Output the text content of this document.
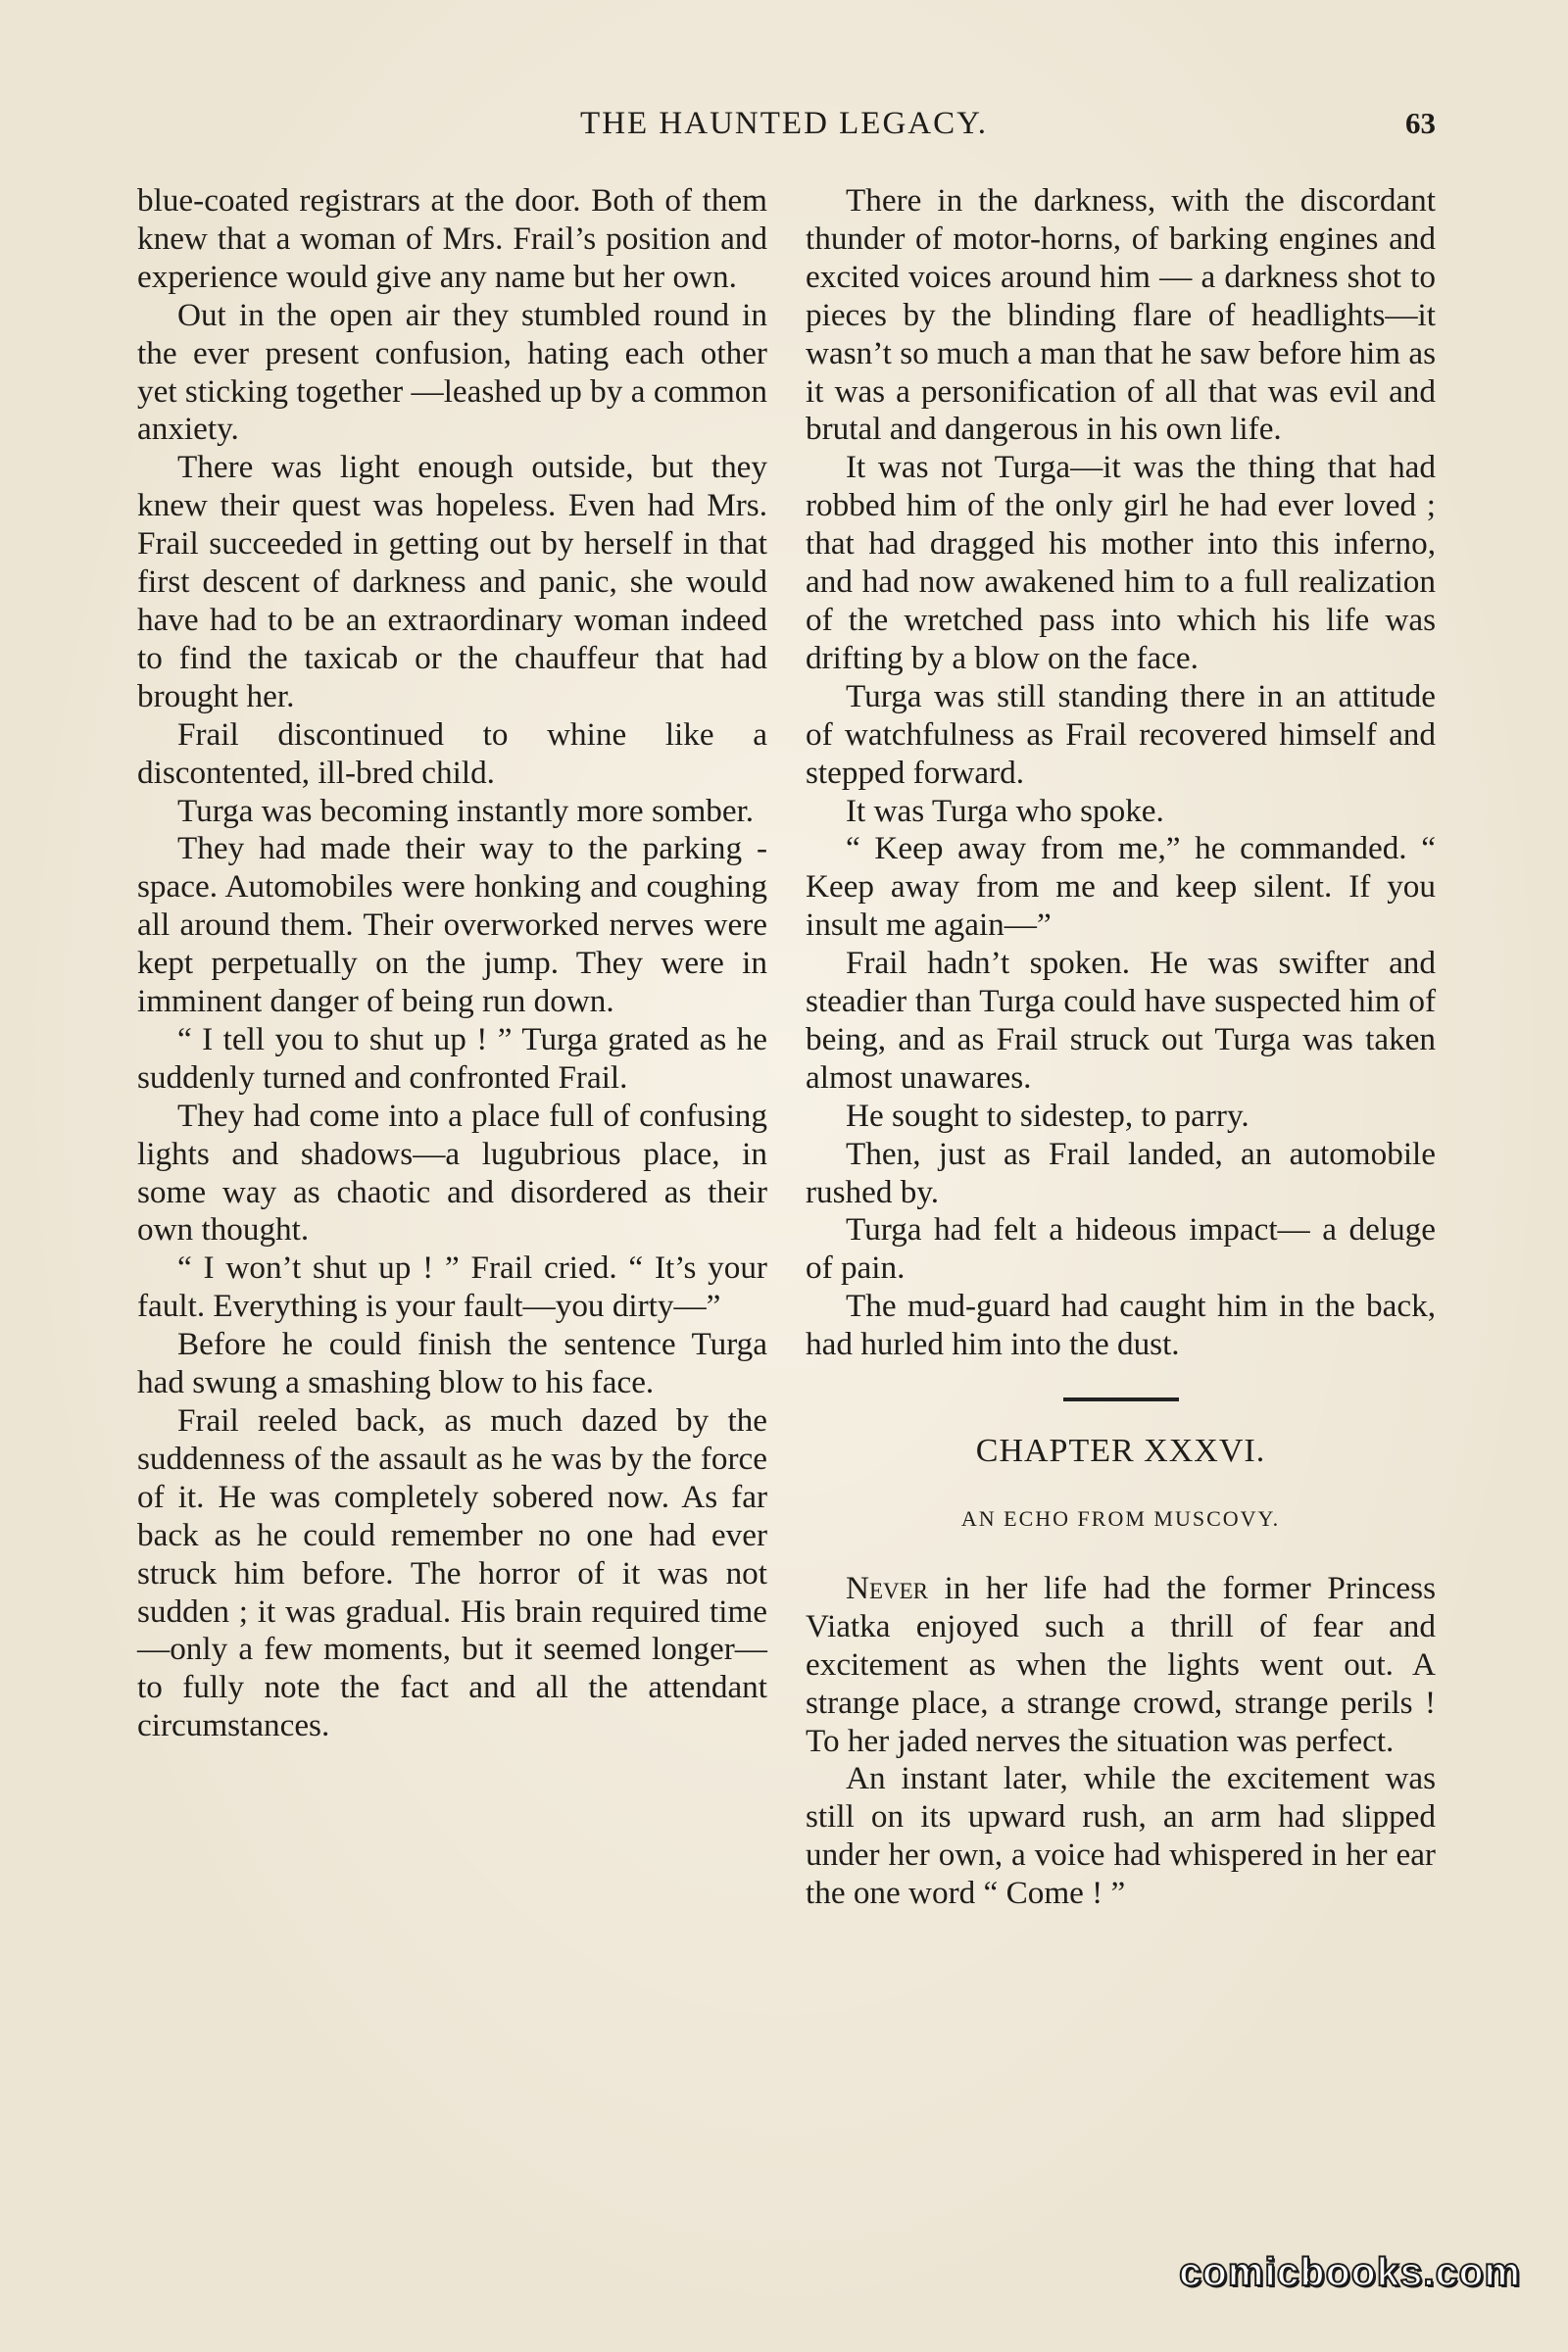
THE HAUNTED LEGACY.	63

blue-coated registrars at the door. Both of them knew that a woman of Mrs. Frail’s position and experience would give any name but her own.

Out in the open air they stumbled round in the ever present confusion, hating each other yet sticking together —leashed up by a common anxiety.

There was light enough outside, but they knew their quest was hopeless. Even had Mrs. Frail succeeded in getting out by herself in that first descent of darkness and panic, she would have had to be an extraordinary woman indeed to find the taxicab or the chauffeur that had brought her.

Frail discontinued to whine like a discontented, ill-bred child.

Turga was becoming instantly more somber.

They had made their way to the parking - space. Automobiles were honking and coughing all around them. Their overworked nerves were kept perpetually on the jump. They were in imminent danger of being run down.

“ I tell you to shut up ! ” Turga grated as he suddenly turned and confronted Frail.

They had come into a place full of confusing lights and shadows—a lugubrious place, in some way as chaotic and disordered as their own thought.

“ I won’t shut up ! ” Frail cried. “ It’s your fault. Everything is your fault—you dirty—”

Before he could finish the sentence Turga had swung a smashing blow to his face.

Frail reeled back, as much dazed by the suddenness of the assault as he was by the force of it. He was completely sobered now. As far back as he could remember no one had ever struck him before. The horror of it was not sudden ; it was gradual. His brain required time—only a few moments, but it seemed longer—to fully note the fact and all the attendant circumstances.

There in the darkness, with the discordant thunder of motor-horns, of barking engines and excited voices around him — a darkness shot to pieces by the blinding flare of headlights—it wasn’t so much a man that he saw before him as it was a personification of all that was evil and brutal and dangerous in his own life.

It was not Turga—it was the thing that had robbed him of the only girl he had ever loved ; that had dragged his mother into this inferno, and had now awakened him to a full realization of the wretched pass into which his life was drifting by a blow on the face.

Turga was still standing there in an attitude of watchfulness as Frail recovered himself and stepped forward.

It was Turga who spoke.

“ Keep away from me,” he commanded. “ Keep away from me and keep silent. If you insult me again—”

Frail hadn’t spoken. He was swifter and steadier than Turga could have suspected him of being, and as Frail struck out Turga was taken almost unawares.

He sought to sidestep, to parry.

Then, just as Frail landed, an automobile rushed by.

Turga had felt a hideous impact— a deluge of pain.

The mud-guard had caught him in the back, had hurled him into the dust.

CHAPTER XXXVI.
AN ECHO FROM MUSCOVY.

Never in her life had the former Princess Viatka enjoyed such a thrill of fear and excitement as when the lights went out. A strange place, a strange crowd, strange perils ! To her jaded nerves the situation was perfect.

An instant later, while the excitement was still on its upward rush, an arm had slipped under her own, a voice had whispered in her ear the one word “ Come ! ”

comicbooks.com
